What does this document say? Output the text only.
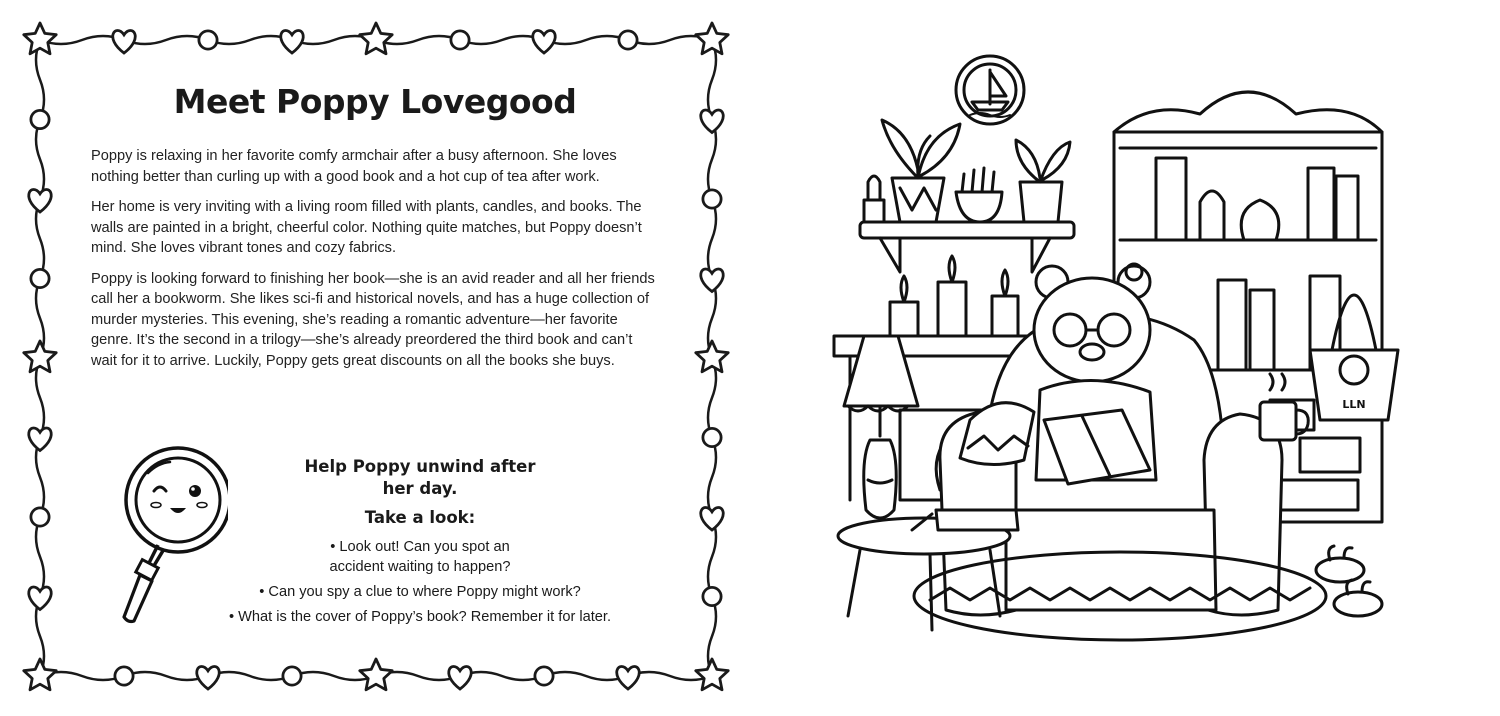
Meet Poppy Lovegood

Poppy is relaxing in her favorite comfy armchair after a busy afternoon. She loves nothing better than curling up with a good book and a hot cup of tea after work.

Her home is very inviting with a living room filled with plants, candles, and books. The walls are painted in a bright, cheerful color. Nothing quite matches, but Poppy doesn’t mind. She loves vibrant tones and cozy fabrics.

Poppy is looking forward to finishing her book—she is an avid reader and all her friends call her a bookworm. She likes sci-fi and historical novels, and has a huge collection of murder mysteries. This evening, she’s reading a romantic adventure—her favorite genre. It’s the second in a trilogy—she’s already preordered the third book and can’t wait for it to arrive. Luckily, Poppy gets great discounts on all the books she buys.

Help Poppy unwind after her day.
Take a look:
• Look out! Can you spot an accident waiting to happen?
• Can you spy a clue to where Poppy might work?
• What is the cover of Poppy’s book? Remember it for later.
LLN
